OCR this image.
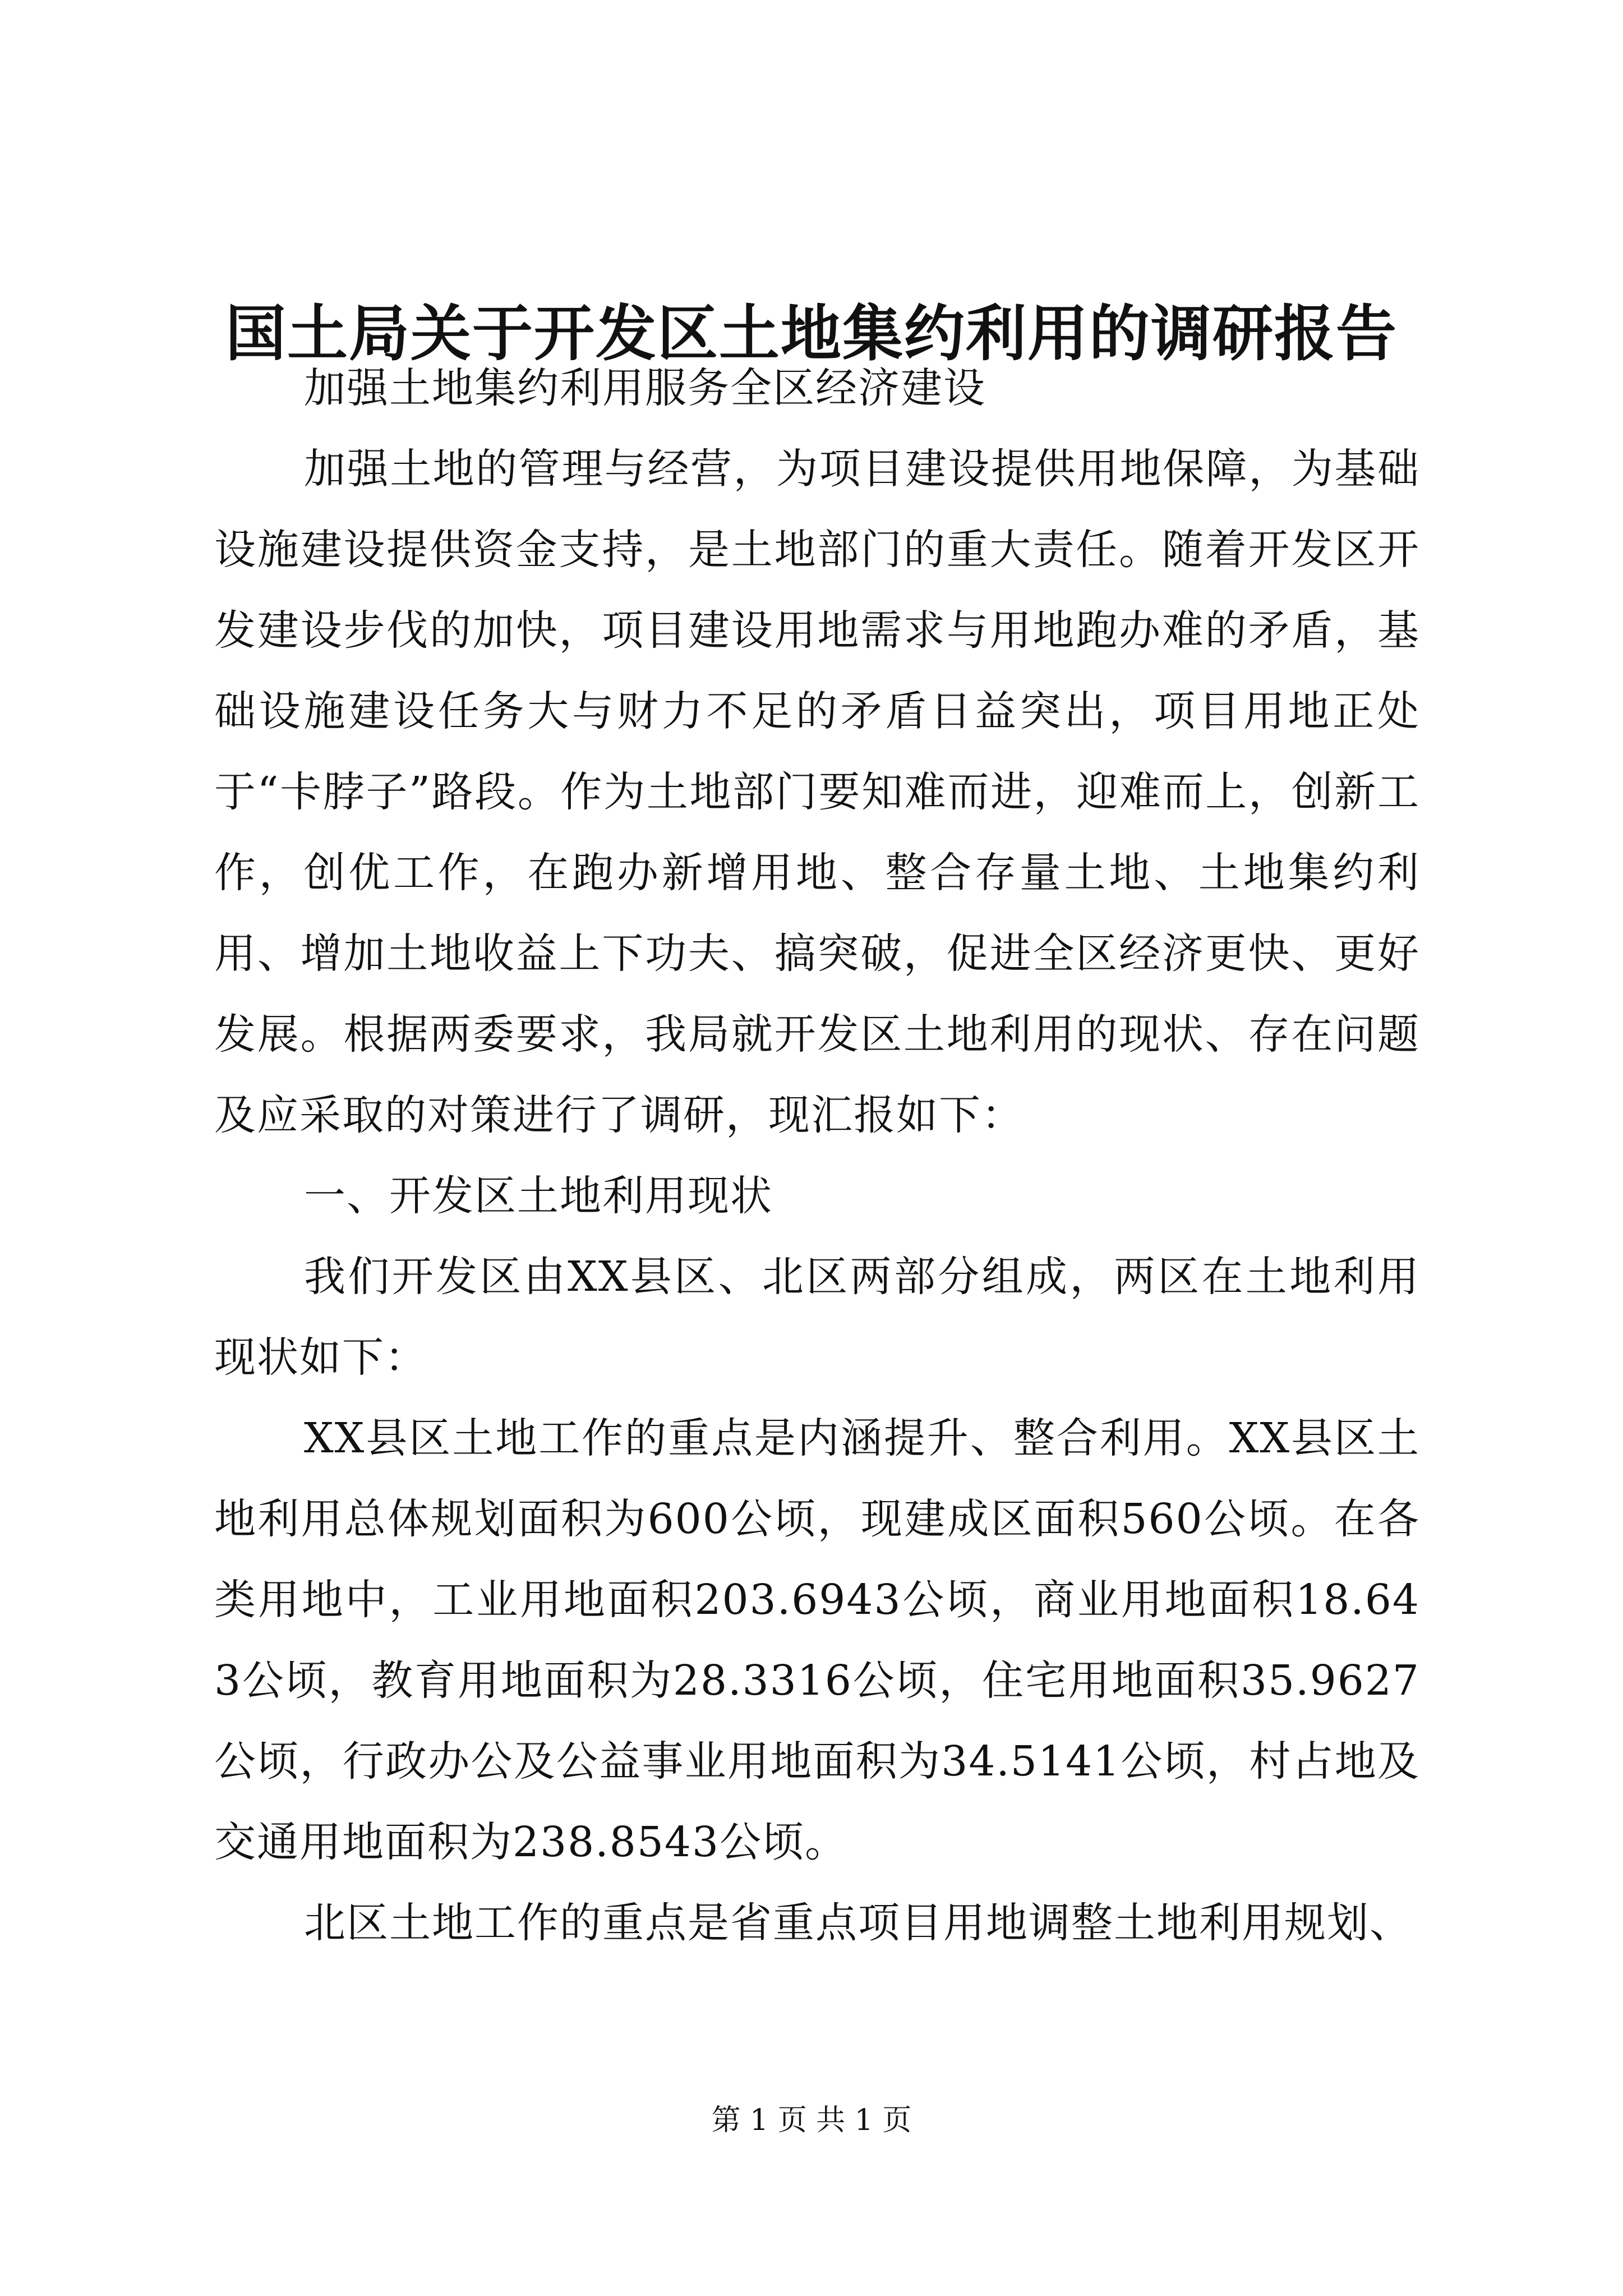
国土局关于开发区土地集约利用的调研报告

加强土地集约利用服务全区经济建设

加强土地的管理与经营，为项目建设提供用地保障，为基础设施建设提供资金支持，是土地部门的重大责任。随着开发区开发建设步伐的加快，项目建设用地需求与用地跑办难的矛盾，基础设施建设任务大与财力不足的矛盾日益突出，项目用地正处于“卡脖子”路段。作为土地部门要知难而进，迎难而上，创新工作，创优工作，在跑办新增用地、整合存量土地、土地集约利用、增加土地收益上下功夫、搞突破，促进全区经济更快、更好发展。根据两委要求，我局就开发区土地利用的现状、存在问题及应采取的对策进行了调研，现汇报如下：

一、开发区土地利用现状

我们开发区由XX县区、北区两部分组成，两区在土地利用现状如下：

XX县区土地工作的重点是内涵提升、整合利用。XX县区土地利用总体规划面积为600公顷，现建成区面积560公顷。在各类用地中，工业用地面积203.6943公顷，商业用地面积18.643公顷，教育用地面积为28.3316公顷，住宅用地面积35.9627公顷，行政办公及公益事业用地面积为34.5141公顷，村占地及交通用地面积为238.8543公顷。

北区土地工作的重点是省重点项目用地调整土地利用规划、

第 1 页 共 1 页
